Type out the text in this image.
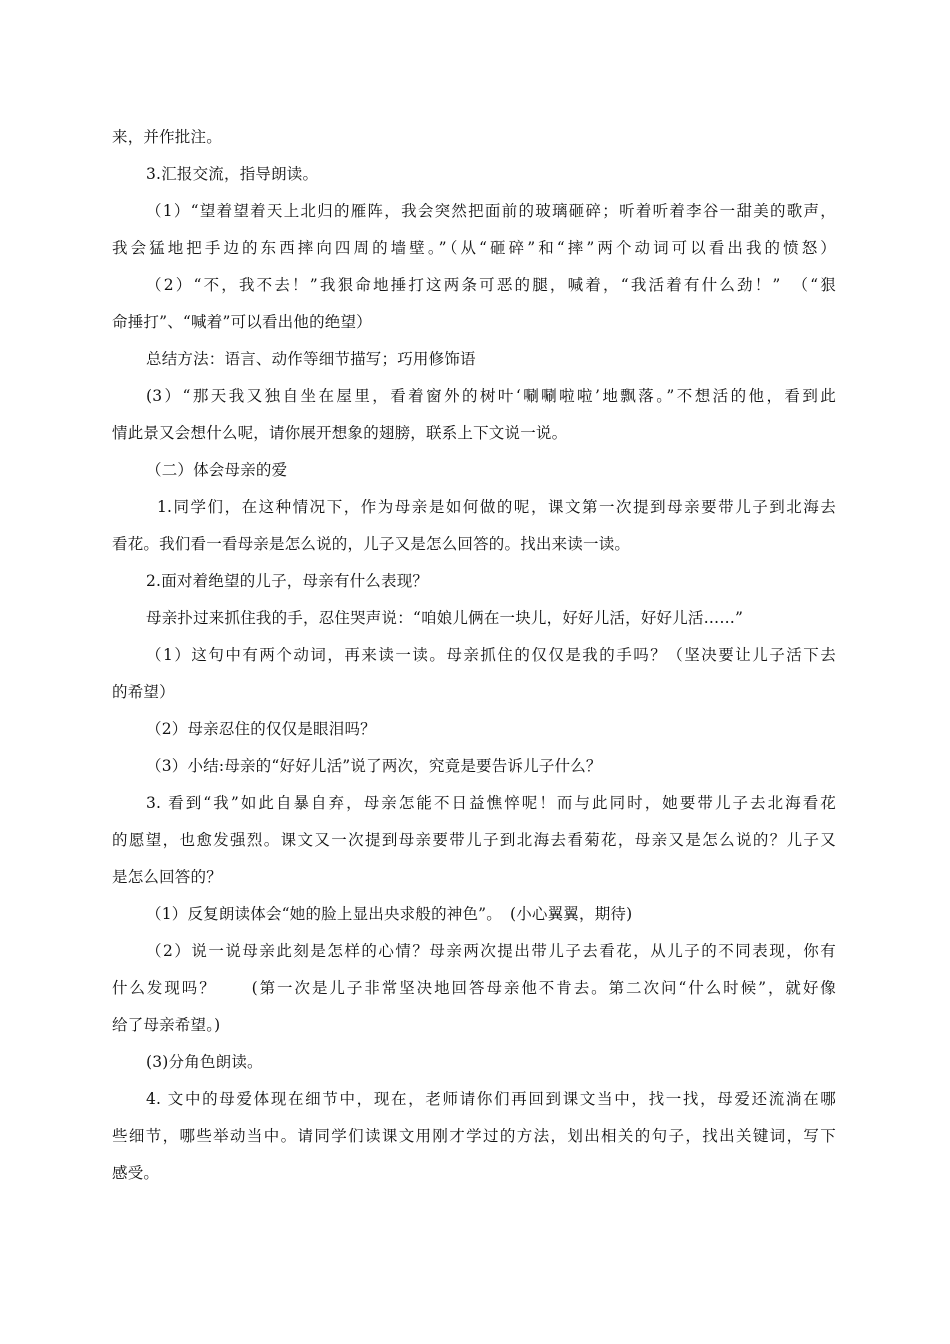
来，并作批注。
3.汇报交流，指导朗读。
（1）“望着望着天上北归的雁阵，我会突然把面前的玻璃砸碎；听着听着李谷一甜美的歌声，
我会猛地把手边的东西摔向四周的墙壁。”（从“砸碎”和“摔”两个动词可以看出我的愤怒）
（2）“不，我不去！”我狠命地捶打这两条可恶的腿，喊着，“我活着有什么劲！”　（“狠
命捶打”、“喊着”可以看出他的绝望）
总结方法：语言、动作等细节描写；巧用修饰语
(3）“那天我又独自坐在屋里，看着窗外的树叶‘唰唰啦啦’地飘落。”不想活的他，看到此
情此景又会想什么呢，请你展开想象的翅膀，联系上下文说一说。
（二）体会母亲的爱
1.同学们，在这种情况下，作为母亲是如何做的呢，课文第一次提到母亲要带儿子到北海去
看花。我们看一看母亲是怎么说的，儿子又是怎么回答的。找出来读一读。
2.面对着绝望的儿子，母亲有什么表现？
母亲扑过来抓住我的手，忍住哭声说：“咱娘儿俩在一块儿，好好儿活，好好儿活……”
（1）这句中有两个动词，再来读一读。母亲抓住的仅仅是我的手吗？（坚决要让儿子活下去
的希望）
（2）母亲忍住的仅仅是眼泪吗？
（3）小结:母亲的“好好儿活”说了两次，究竟是要告诉儿子什么？
3. 看到“我”如此自暴自弃，母亲怎能不日益憔悴呢！而与此同时，她要带儿子去北海看花
的愿望，也愈发强烈。课文又一次提到母亲要带儿子到北海去看菊花，母亲又是怎么说的？儿子又
是怎么回答的？
（1）反复朗读体会“她的脸上显出央求般的神色”。　(小心翼翼，期待)
（2）说一说母亲此刻是怎样的心情？母亲两次提出带儿子去看花，从儿子的不同表现，你有
什么发现吗？　　(第一次是儿子非常坚决地回答母亲他不肯去。第二次问“什么时候”，就好像
给了母亲希望。)
(3)分角色朗读。
4. 文中的母爱体现在细节中，现在，老师请你们再回到课文当中，找一找，母爱还流淌在哪
些细节，哪些举动当中。请同学们读课文用刚才学过的方法，划出相关的句子，找出关键词，写下
感受。
